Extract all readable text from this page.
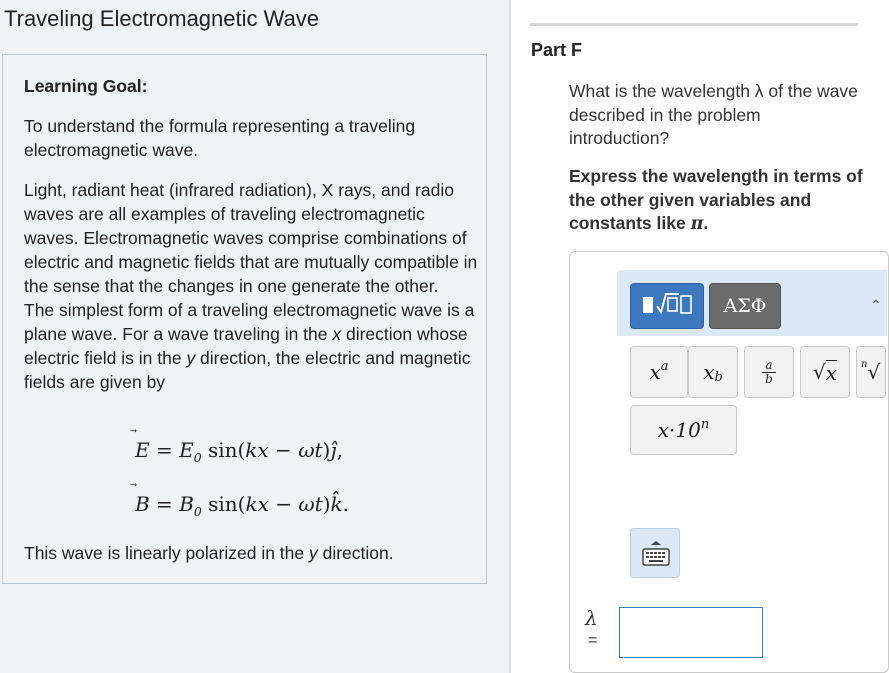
Traveling Electromagnetic Wave
Learning Goal:
To understand the formula representing a traveling electromagnetic wave.
Light, radiant heat (infrared radiation), X rays, and radio waves are all examples of traveling electromagnetic waves. Electromagnetic waves comprise combinations of electric and magnetic fields that are mutually compatible in the sense that the changes in one generate the other.
The simplest form of a traveling electromagnetic wave is a plane wave. For a wave traveling in the x direction whose electric field is in the y direction, the electric and magnetic fields are given by
E
= $E_0$ sin(kx − ωt)ĵ,
B
= $B_0$ sin(kx − ωt)k̂.
This wave is linearly polarized in the y direction.
Part F
What is the wavelength λ of the wave described in the problem introduction?
Express the wavelength in terms of the other given variables and constants like π.
ΑΣΦ	⌃
$x^a$	$x_b$
a
b √ x $^n$ √
$x\cdot 10^n$
λ
=
